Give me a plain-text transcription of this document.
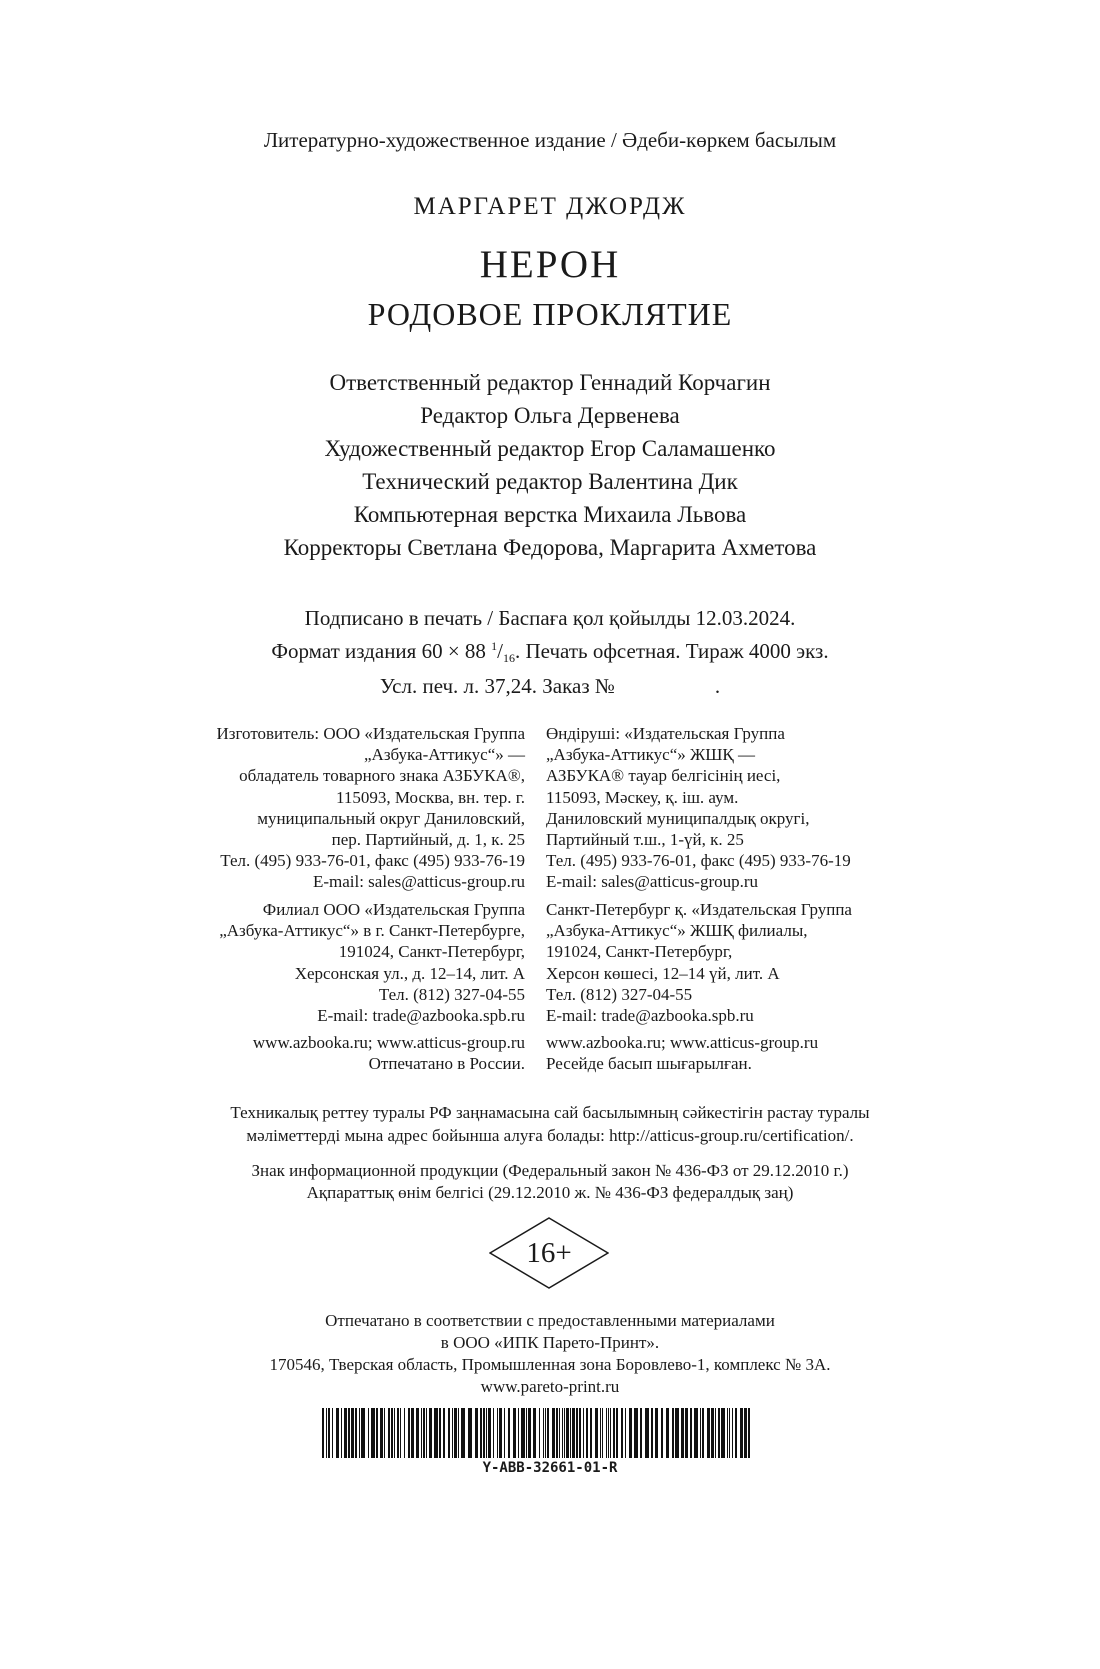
Литературно-художественное издание / Әдеби-көркем басылым
МАРГАРЕТ ДЖОРДЖ
НЕРОН
РОДОВОЕ ПРОКЛЯТИЕ
Ответственный редактор Геннадий Корчагин
Редактор Ольга Дервенева
Художественный редактор Егор Саламашенко
Технический редактор Валентина Дик
Компьютерная верстка Михаила Львова
Корректоры Светлана Федорова, Маргарита Ахметова
Подписано в печать / Баспаға қол қойылды 12.03.2024.
Формат издания 60 × 88 $^1/_{16}$. Печать офсетная. Тираж 4000 экз.
Усл. печ. л. 37,24. Заказ №	.
Изготовитель: ООО «Издательская Группа
„Азбука-Аттикус“» —
обладатель товарного знака АЗБУКА®,
115093, Москва, вн. тер. г.
муниципальный округ Даниловский,
пер. Партийный, д. 1, к. 25
Тел. (495) 933-76-01, факс (495) 933-76-19
E-mail: sales@atticus-group.ru
Өндіруші: «Издательская Группа
„Азбука-Аттикус“» ЖШҚ —
АЗБУКА® тауар белгісінің иесі,
115093, Мәскеу, қ. іш. аум.
Даниловский муниципалдық округі,
Партийный т.ш., 1-үй, к. 25
Тел. (495) 933-76-01, факс (495) 933-76-19
E-mail: sales@atticus-group.ru
Филиал ООО «Издательская Группа
„Азбука-Аттикус“» в г. Санкт-Петербурге,
191024, Санкт-Петербург,
Херсонская ул., д. 12–14, лит. А
Тел. (812) 327-04-55
E-mail: trade@azbooka.spb.ru
Санкт-Петербург қ. «Издательская Группа
„Азбука-Аттикус“» ЖШҚ филиалы,
191024, Санкт-Петербург,
Херсон көшесі, 12–14 үй, лит. А
Тел. (812) 327-04-55
E-mail: trade@azbooka.spb.ru
www.azbooka.ru; www.atticus-group.ru
Отпечатано в России.
www.azbooka.ru; www.atticus-group.ru
Ресейде басып шығарылған.
Техникалық реттеу туралы РФ заңнамасына сай басылымның сәйкестігін растау туралы
мәліметтерді мына адрес бойынша алуға болады: http://atticus-group.ru/certification/.
Знак информационной продукции (Федеральный закон № 436-ФЗ от 29.12.2010 г.)
Ақпараттық өнім белгісі (29.12.2010 ж. № 436-ФЗ федералдық заң)
16+
Отпечатано в соответствии с предоставленными материалами
в ООО «ИПК Парето-Принт».
170546, Тверская область, Промышленная зона Боровлево-1, комплекс № 3А.
www.pareto-print.ru
Y-ABB-32661-01-R
